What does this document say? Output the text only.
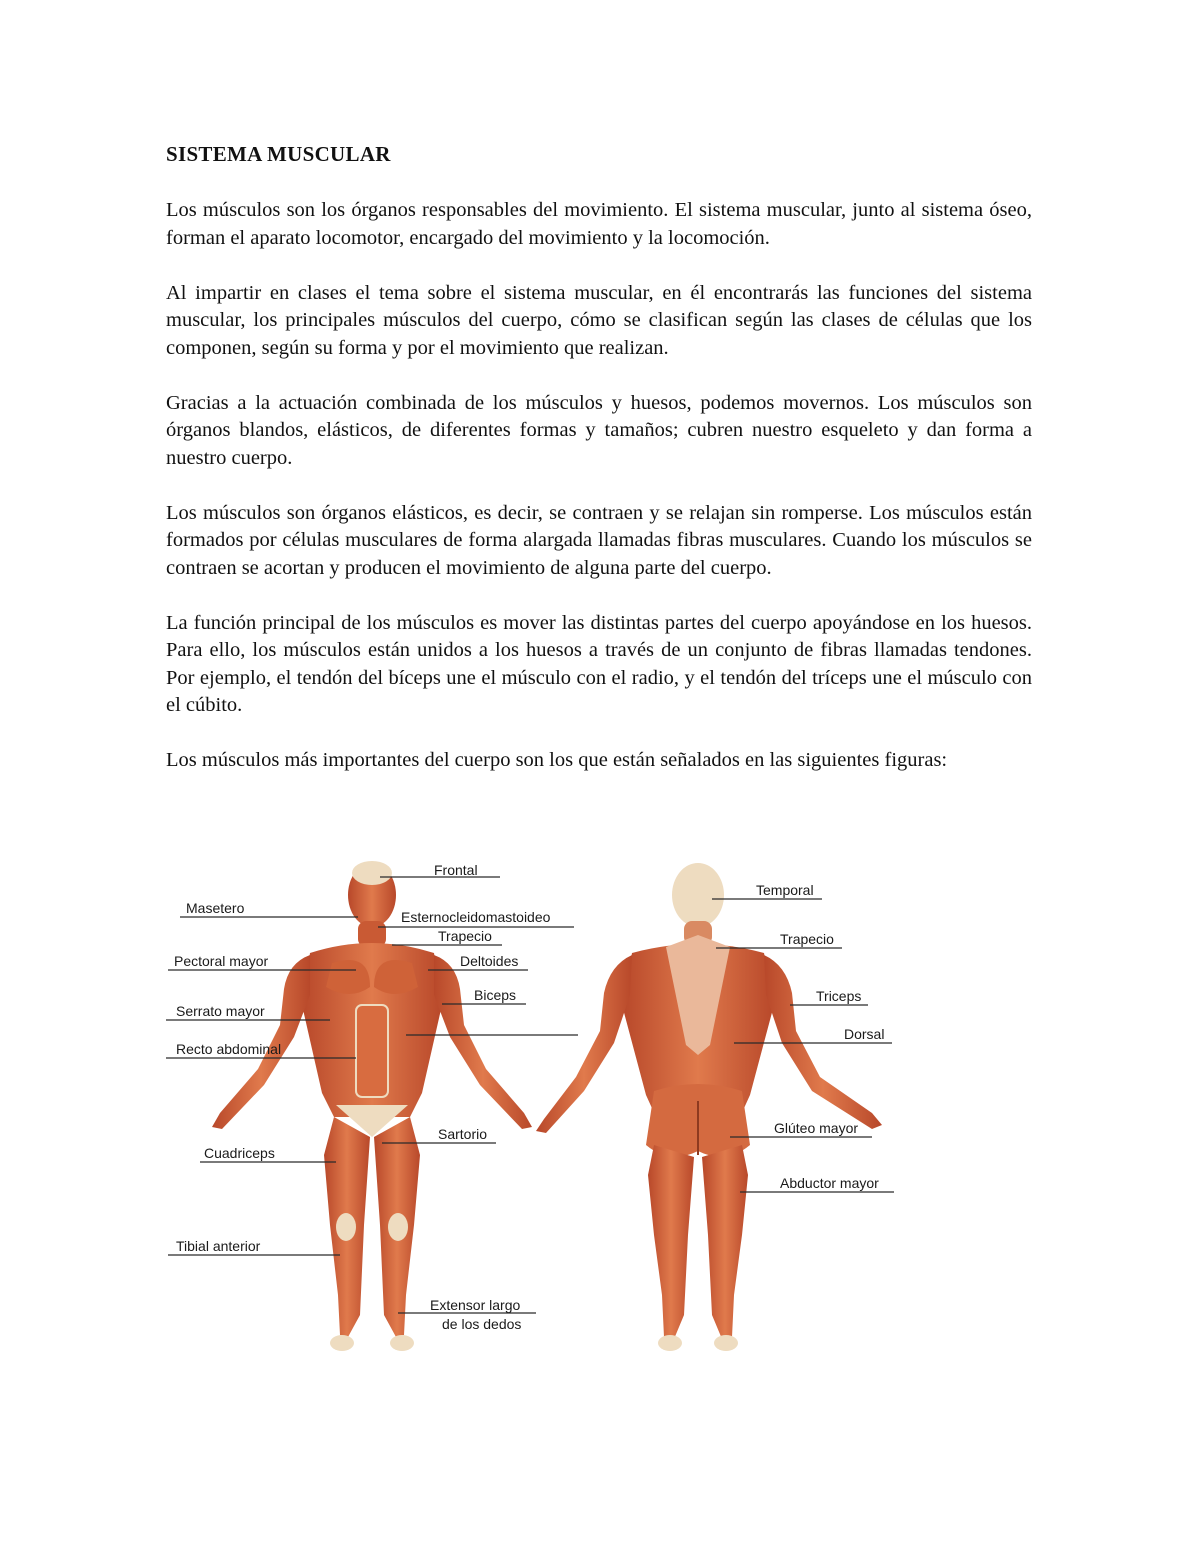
SISTEMA MUSCULAR

Los músculos son los órganos responsables del movimiento. El sistema muscular, junto al sistema óseo, forman el aparato locomotor, encargado del movimiento y la locomoción.

Al impartir en clases el tema sobre el sistema muscular, en él encontrarás las funciones del sistema muscular, los principales músculos del cuerpo, cómo se clasifican según las clases de células que los componen, según su forma y por el movimiento que realizan.

Gracias a la actuación combinada de los músculos y huesos, podemos movernos. Los músculos son órganos blandos, elásticos, de diferentes formas y tamaños; cubren nuestro esqueleto y dan forma a nuestro cuerpo.

Los músculos son órganos elásticos, es decir, se contraen y se relajan sin romperse. Los músculos están formados por células musculares de forma alargada llamadas fibras musculares. Cuando los músculos se contraen se acortan y producen el movimiento de alguna parte del cuerpo.

La función principal de los músculos es mover las distintas partes del cuerpo apoyándose en los huesos. Para ello, los músculos están unidos a los huesos a través de un conjunto de fibras llamadas tendones. Por ejemplo, el tendón del bíceps une el músculo con el radio, y el tendón del tríceps une el músculo con el cúbito.

Los músculos más importantes del cuerpo son los que están señalados en las siguientes figuras:

Frontal
Masetero
Esternocleidomastoideo
Trapecio
Pectoral mayor	Deltoides
Biceps
Serrato mayor
Recto abdominal
Sartorio
Cuadriceps
Tibial anterior
Extensor largo
de los dedos
Temporal
Trapecio
Triceps
Dorsal
Glúteo mayor
Abductor mayor
